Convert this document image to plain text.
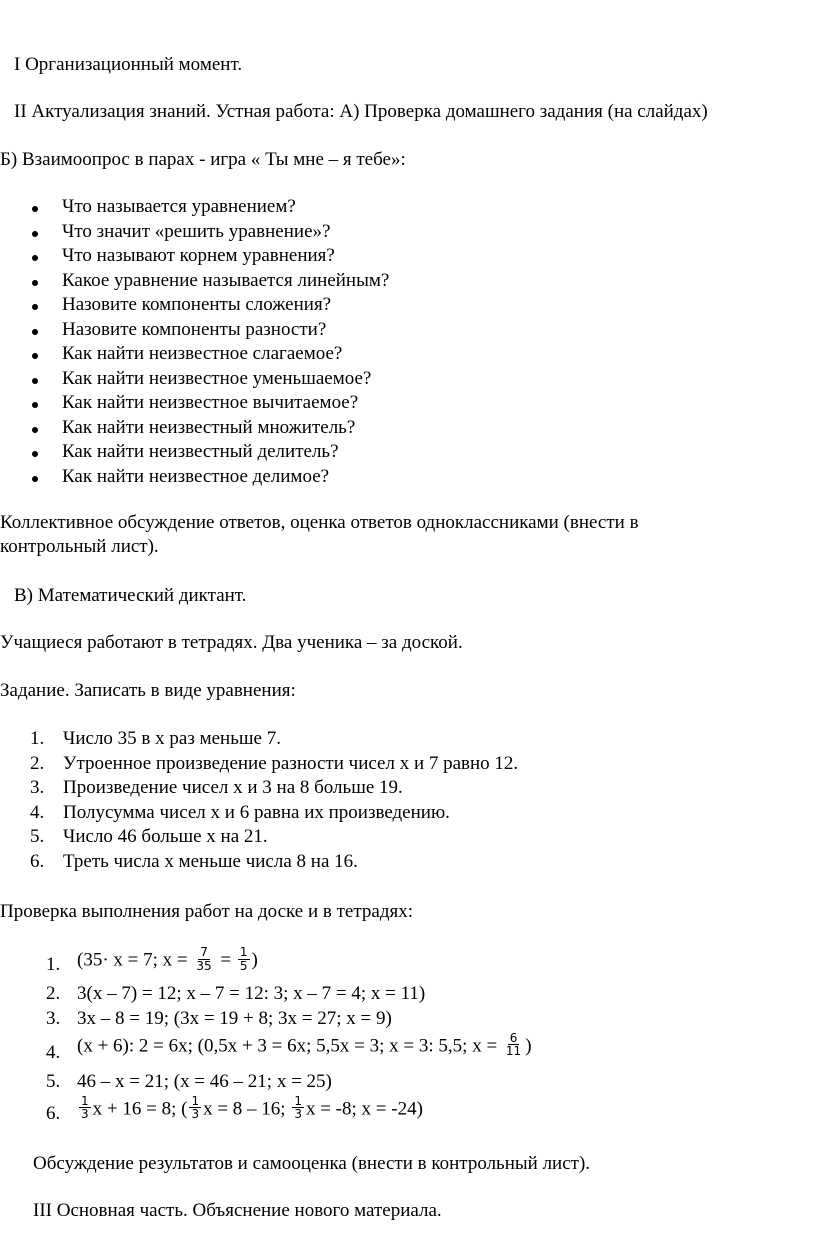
I Организационный момент.
II Актуализация знаний. Устная работа: А) Проверка домашнего задания (на слайдах)
Б) Взаимоопрос в парах - игра « Ты мне – я тебе»:
Что называется уравнением?
Что значит «решить уравнение»?
Что называют корнем уравнения?
Какое уравнение называется линейным?
Назовите компоненты сложения?
Назовите компоненты разности?
Как найти неизвестное слагаемое?
Как найти неизвестное уменьшаемое?
Как найти неизвестное вычитаемое?
Как найти неизвестный множитель?
Как найти неизвестный делитель?
Как найти неизвестное делимое?
Коллективное обсуждение ответов, оценка ответов одноклассниками (внести в
контрольный лист).
В) Математический диктант.
Учащиеся работают в тетрадях. Два ученика – за доской.
Задание. Записать в виде уравнения:
1. Число 35 в х раз меньше 7.
2. Утроенное произведение разности чисел х и 7 равно 12.
3. Произведение чисел х и 3 на 8 больше 19.
4. Полусумма чисел х и 6 равна их произведению.
5. Число 46 больше х на 21.
6. Треть числа х меньше числа 8 на 16.
Проверка выполнения работ на доске и в тетрадях:
1. (35· х = 7; $х = \frac{7}{35} = \frac{1}{5}$ )
2. 3(х – 7) = 12; х – 7 = 12: 3; х – 7 = 4; х = 11)
3. 3х – 8 = 19; (3х = 19 + 8; 3х = 27; х = 9)
4. (х + 6): 2 = 6х; (0,5х + 3 = 6х; 5,5х = 3; х = 3: 5,5; $х = \frac{6}{11}$ )
5. 46 – х = 21; (х = 46 – 21; х = 25)
6. $\frac{1}{3}$ х + 16 = 8; ( $\frac{1}{3}$ х = 8 – 16; $\frac{1}{3}$ х = -8; х = -24)
Обсуждение результатов и самооценка (внести в контрольный лист).
III Основная часть. Объяснение нового материала.
